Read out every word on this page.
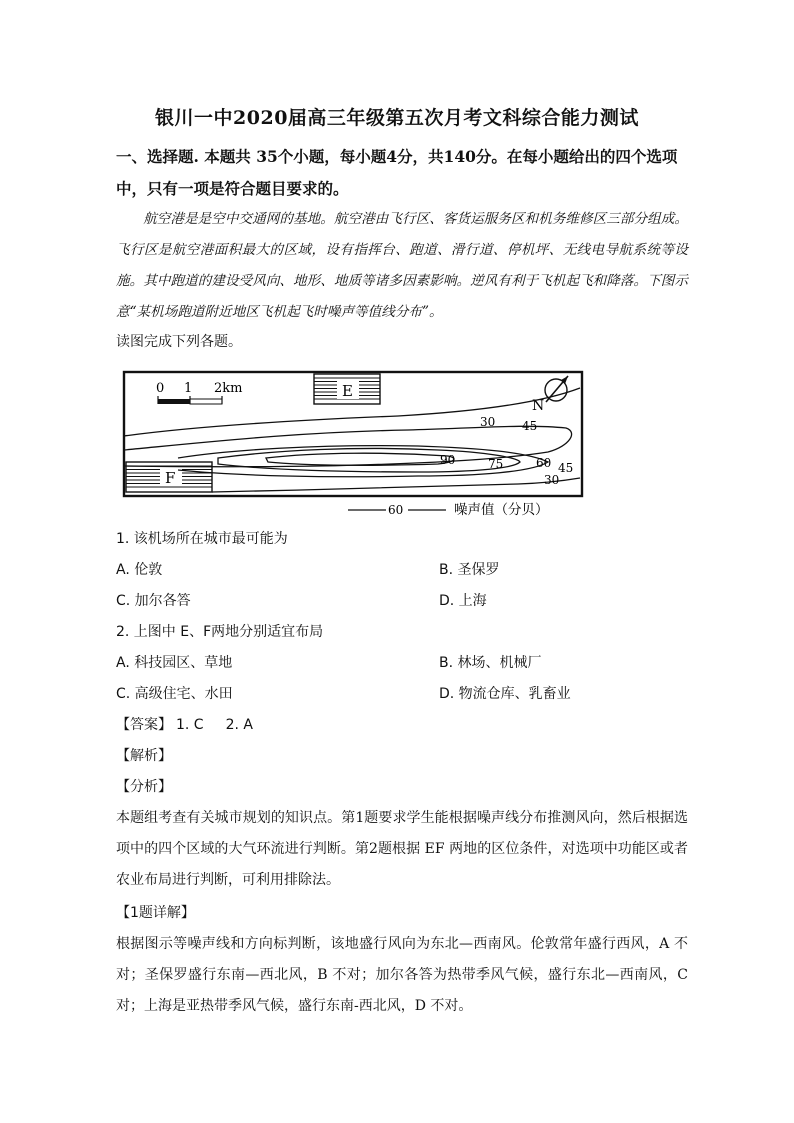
银川一中2020届高三年级第五次月考文科综合能力测试
一、选择题. 本题共 35个小题，每小题4分，共140分。在每小题给出的四个选项中，只有一项是符合题目要求的。
航空港是是空中交通网的基地。航空港由飞行区、客货运服务区和机务维修区三部分组成。飞行区是航空港面积最大的区域，设有指挥台、跑道、滑行道、停机坪、无线电导航系统等设施。其中跑道的建设受风向、地形、地质等诸多因素影响。逆风有利于飞机起飞和降落。下图示意“某机场跑道附近地区飞机起飞时噪声等值线分布”。
读图完成下列各题。
0 1 2km	E
F
N
30 45
90	75	60 45
30
60	噪声值（分贝）
1. 该机场所在城市最可能为
A. 伦敦	B. 圣保罗
C. 加尔各答	D. 上海
2. 上图中 E、F两地分别适宜布局
A. 科技园区、草地	B. 林场、机械厂
C. 高级住宅、水田	D. 物流仓库、乳畜业
【答案】 1. C 2. A
【解析】
【分析】
本题组考查有关城市规划的知识点。第1题要求学生能根据噪声线分布推测风向，然后根据选项中的四个区域的大气环流进行判断。第2题根据 EF 两地的区位条件，对选项中功能区或者农业布局进行判断，可利用排除法。
【1题详解】
根据图示等噪声线和方向标判断，该地盛行风向为东北—西南风。伦敦常年盛行西风，A 不对；圣保罗盛行东南—西北风，B 不对；加尔各答为热带季风气候，盛行东北—西南风，C 对；上海是亚热带季风气候，盛行东南-西北风，D 不对。
